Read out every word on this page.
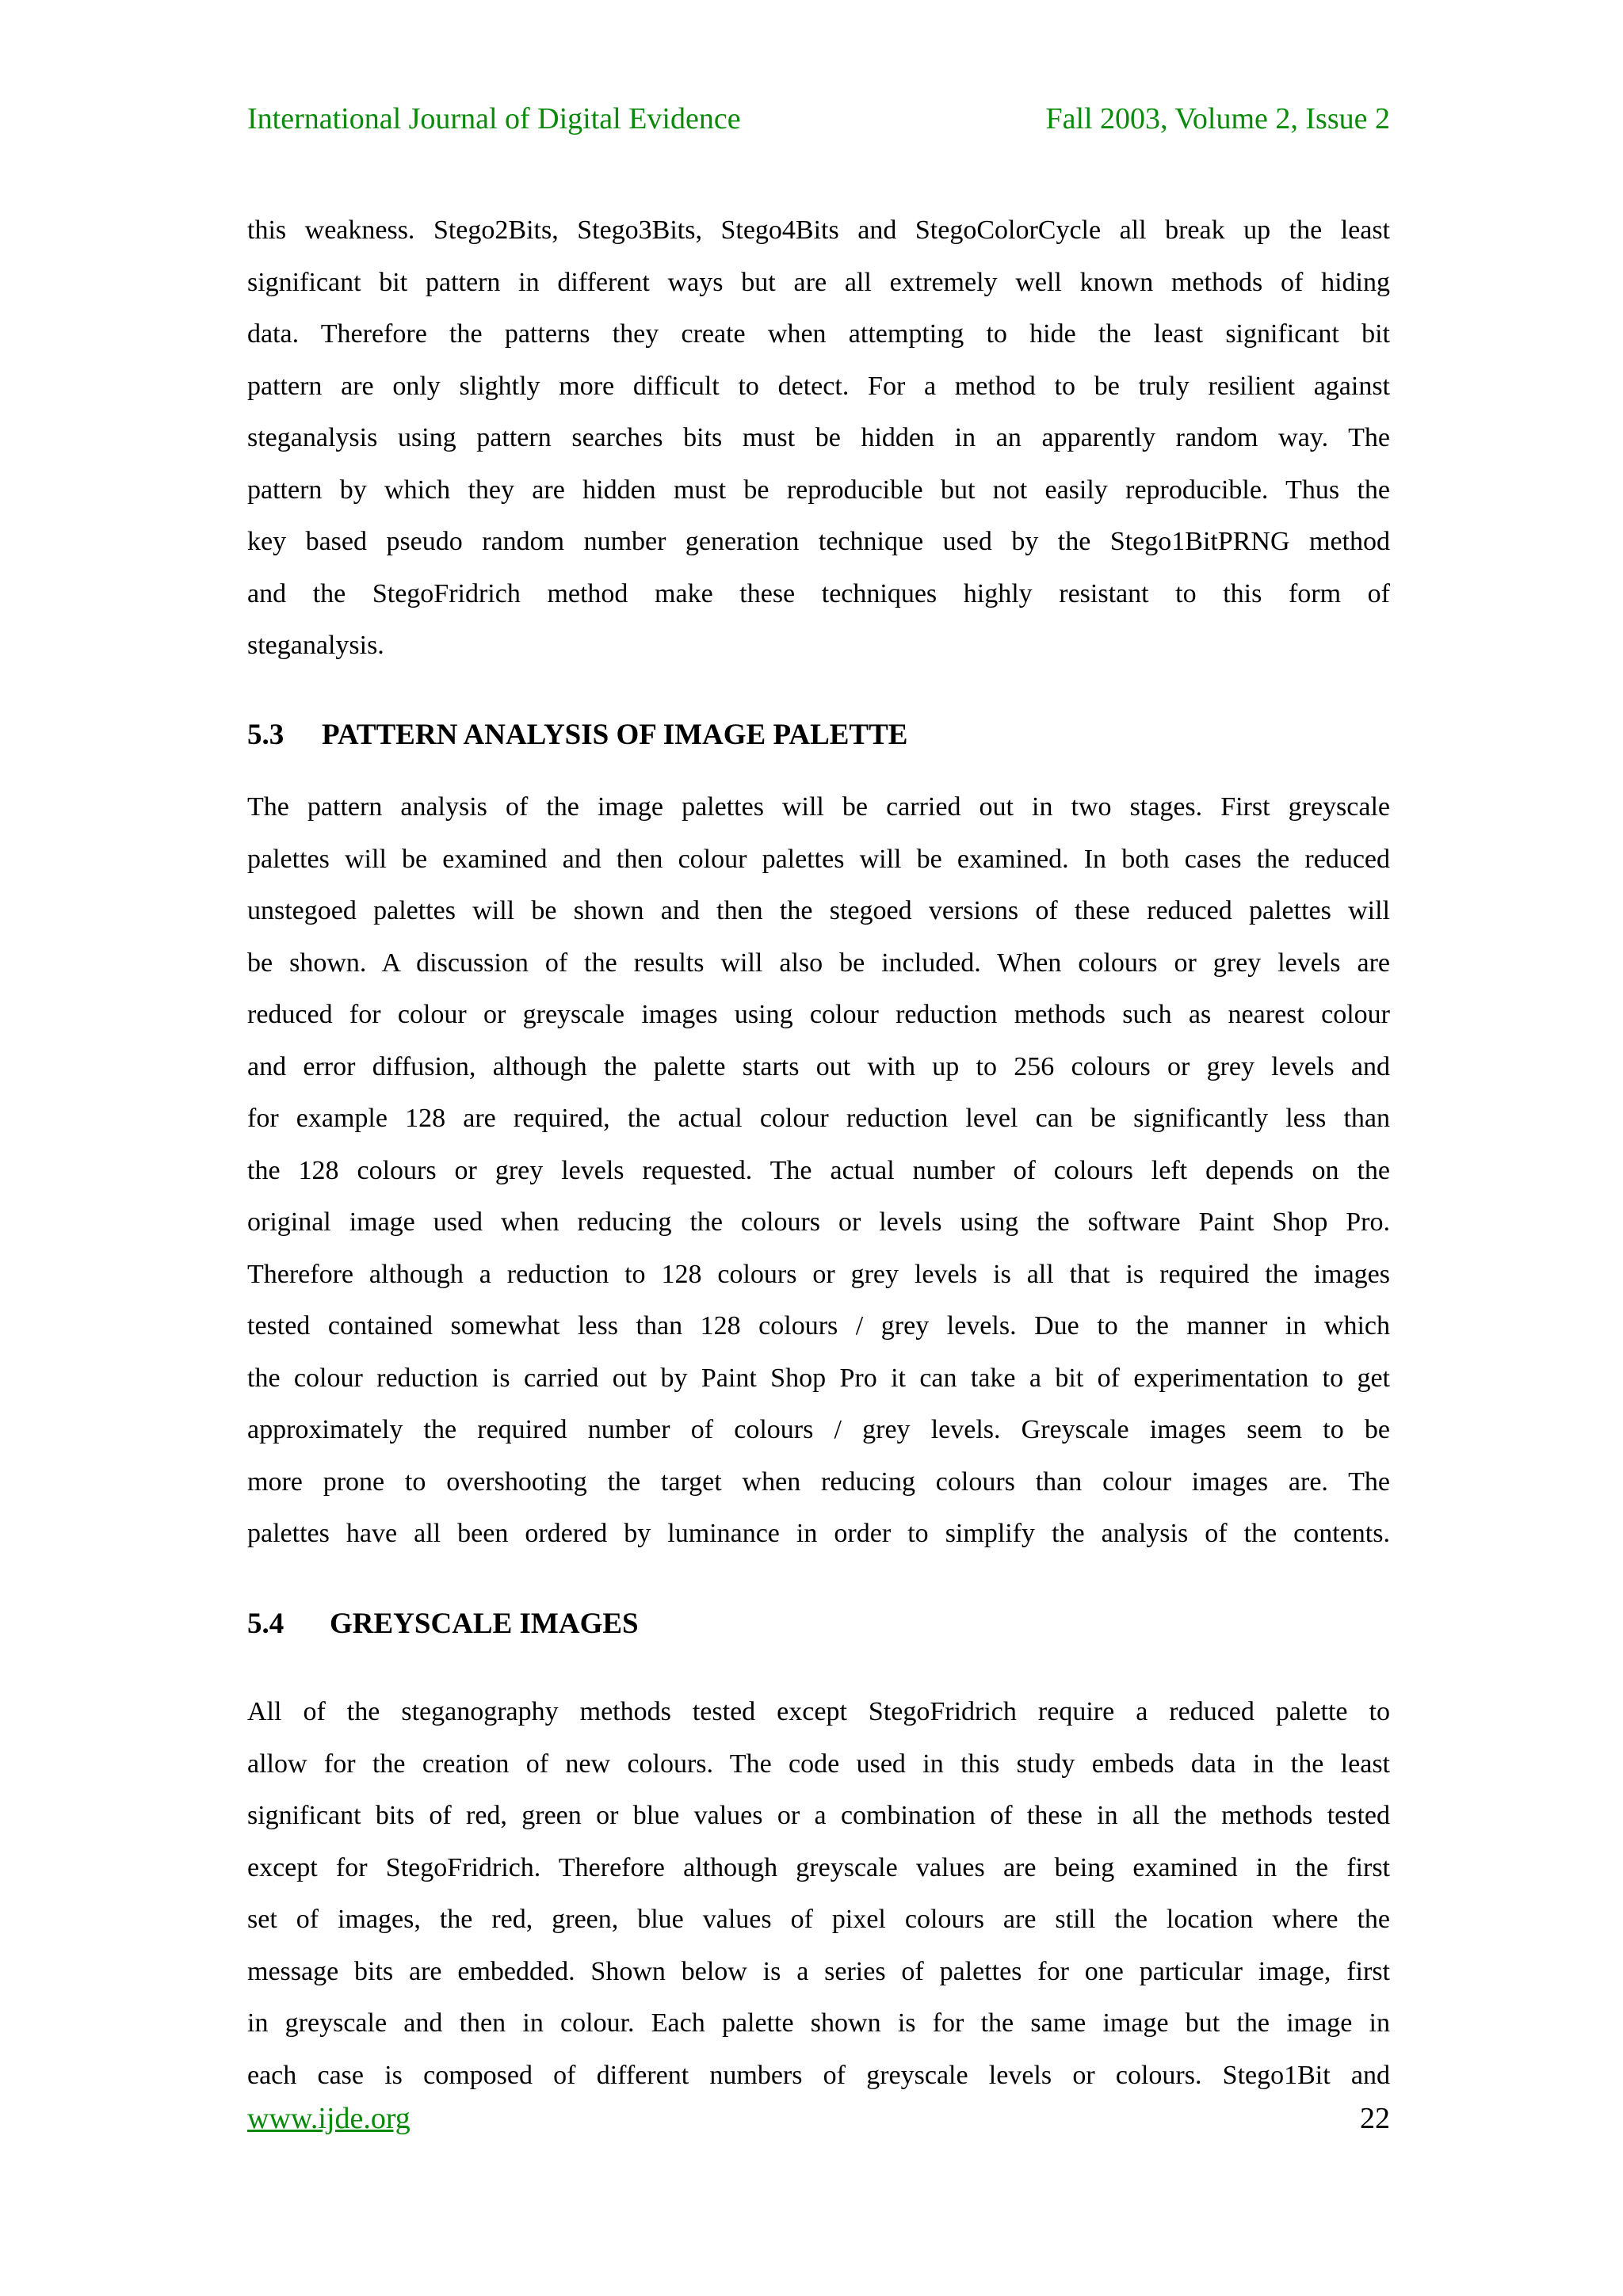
International Journal of Digital Evidence	Fall 2003, Volume 2, Issue 2
this weakness. Stego2Bits, Stego3Bits, Stego4Bits and StegoColorCycle all break up the least
significant bit pattern in different ways but are all extremely well known methods of hiding
data. Therefore the patterns they create when attempting to hide the least significant bit
pattern are only slightly more difficult to detect. For a method to be truly resilient against
steganalysis using pattern searches bits must be hidden in an apparently random way. The
pattern by which they are hidden must be reproducible but not easily reproducible. Thus the
key based pseudo random number generation technique used by the Stego1BitPRNG method
and the StegoFridrich method make these techniques highly resistant to this form of
steganalysis.
5.3 PATTERN ANALYSIS OF IMAGE PALETTE
The pattern analysis of the image palettes will be carried out in two stages. First greyscale
palettes will be examined and then colour palettes will be examined. In both cases the reduced
unstegoed palettes will be shown and then the stegoed versions of these reduced palettes will
be shown. A discussion of the results will also be included. When colours or grey levels are
reduced for colour or greyscale images using colour reduction methods such as nearest colour
and error diffusion, although the palette starts out with up to 256 colours or grey levels and
for example 128 are required, the actual colour reduction level can be significantly less than
the 128 colours or grey levels requested. The actual number of colours left depends on the
original image used when reducing the colours or levels using the software Paint Shop Pro.
Therefore although a reduction to 128 colours or grey levels is all that is required the images
tested contained somewhat less than 128 colours / grey levels. Due to the manner in which
the colour reduction is carried out by Paint Shop Pro it can take a bit of experimentation to get
approximately the required number of colours / grey levels. Greyscale images seem to be
more prone to overshooting the target when reducing colours than colour images are. The
palettes have all been ordered by luminance in order to simplify the analysis of the contents.
5.4 GREYSCALE IMAGES
All of the steganography methods tested except StegoFridrich require a reduced palette to
allow for the creation of new colours. The code used in this study embeds data in the least
significant bits of red, green or blue values or a combination of these in all the methods tested
except for StegoFridrich. Therefore although greyscale values are being examined in the first
set of images, the red, green, blue values of pixel colours are still the location where the
message bits are embedded. Shown below is a series of palettes for one particular image, first
in greyscale and then in colour. Each palette shown is for the same image but the image in
each case is composed of different numbers of greyscale levels or colours. Stego1Bit and
www.ijde.org	22
